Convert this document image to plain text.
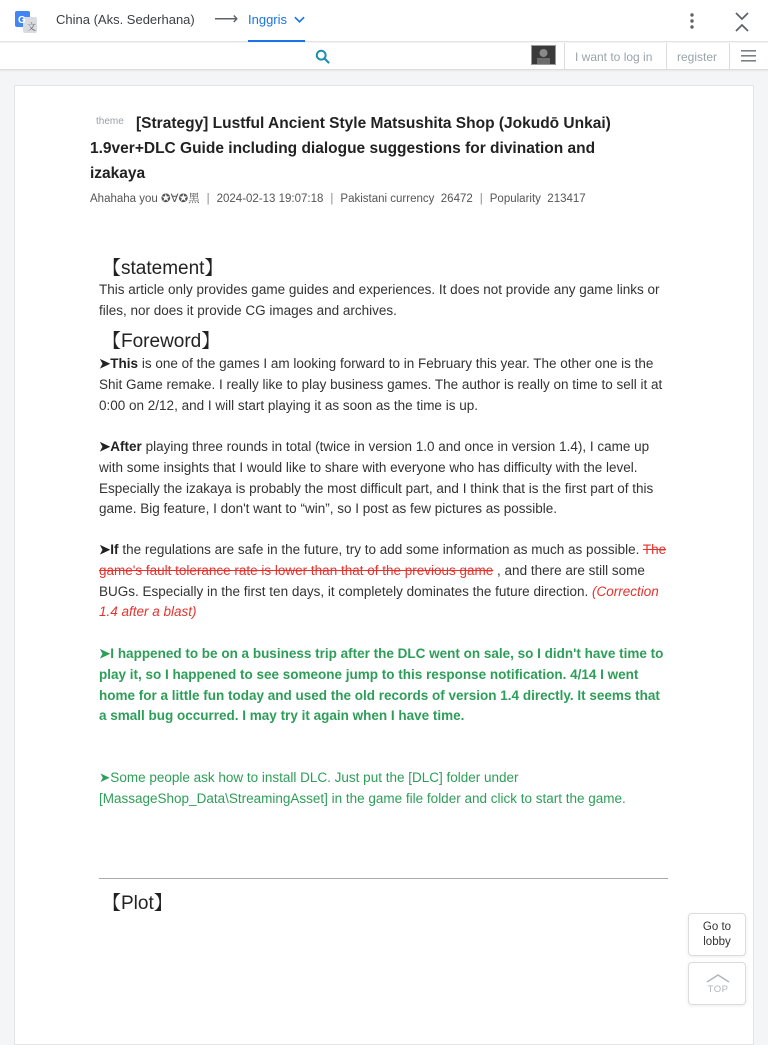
G
文 China (Aks. Sederhana) ⟶ Inggris
I want to log in register
theme [Strategy] Lustful Ancient Style Matsushita Shop (Jokudō Unkai) 1.9ver+DLC Guide including dialogue suggestions for divination and izakaya
Ahahaha you ✪∀✪黑 | 2024-02-13 19:07:18 | Pakistani currency 26472 | Popularity 213417
【statement】

This article only provides game guides and experiences. It does not provide any game links or files, nor does it provide CG images and archives.

【Foreword】

➤This is one of the games I am looking forward to in February this year. The other one is the Shit Game remake. I really like to play business games. The author is really on time to sell it at 0:00 on 2/12, and I will start playing it as soon as the time is up.

➤After playing three rounds in total (twice in version 1.0 and once in version 1.4), I came up with some insights that I would like to share with everyone who has difficulty with the level. Especially the izakaya is probably the most difficult part, and I think that is the first part of this game. Big feature, I don't want to “win”, so I post as few pictures as possible.

➤If the regulations are safe in the future, try to add some information as much as possible. The game's fault tolerance rate is lower than that of the previous game , and there are still some BUGs. Especially in the first ten days, it completely dominates the future direction. (Correction 1.4 after a blast)

➤I happened to be on a business trip after the DLC went on sale, so I didn't have time to play it, so I happened to see someone jump to this response notification. 4/14 I went home for a little fun today and used the old records of version 1.4 directly. It seems that a small bug occurred. I may try it again when I have time.

➤Some people ask how to install DLC. Just put the [DLC] folder under [MassageShop_Data\StreamingAsset] in the game file folder and click to start the game.

【Plot】
Go to lobby
TOP
